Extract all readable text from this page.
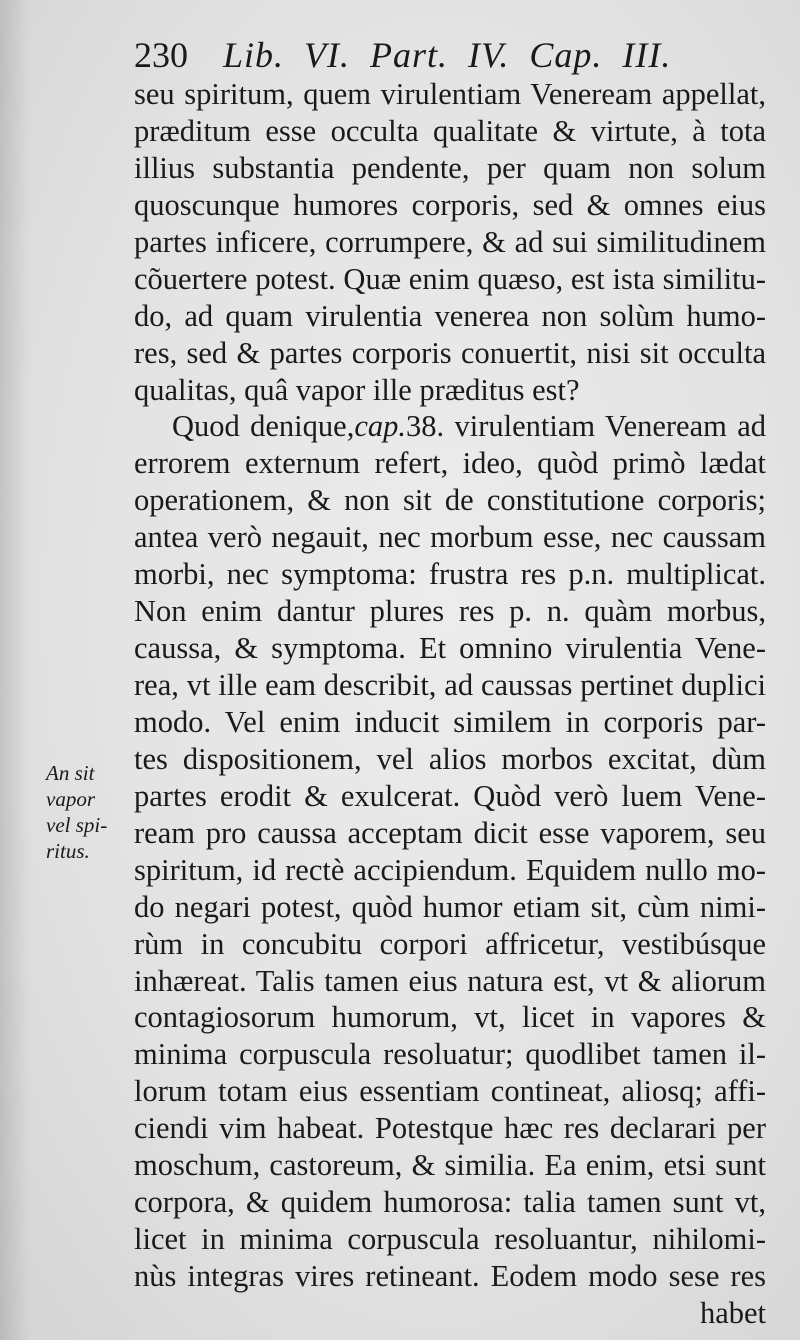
230 Lib. VI. Part. IV. Cap. III.
An sit
vapor
vel spi-
ritus.
seu spiritum, quem virulentiam Veneream appellat,
præditum esse occulta qualitate & virtute, à tota
illius substantia pendente, per quam non solum
quoscunque humores corporis, sed & omnes eius
partes inficere, corrumpere, & ad sui similitudinem
cõuertere potest. Quæ enim quæso, est ista similitu-
do, ad quam virulentia venerea non solùm humo-
res, sed & partes corporis conuertit, nisi sit occulta
qualitas, quâ vapor ille præditus est?
Quod denique,cap.38. virulentiam Veneream ad
errorem externum refert, ideo, quòd primò lædat
operationem, & non sit de constitutione corporis;
antea verò negauit, nec morbum esse, nec caussam
morbi, nec symptoma: frustra res p.n. multiplicat.
Non enim dantur plures res p. n. quàm morbus,
caussa, & symptoma. Et omnino virulentia Vene-
rea, vt ille eam describit, ad caussas pertinet duplici
modo. Vel enim inducit similem in corporis par-
tes dispositionem, vel alios morbos excitat, dùm
partes erodit & exulcerat. Quòd verò luem Vene-
ream pro caussa acceptam dicit esse vaporem, seu
spiritum, id rectè accipiendum. Equidem nullo mo-
do negari potest, quòd humor etiam sit, cùm nimi-
rùm in concubitu corpori affricetur, vestibúsque
inhæreat. Talis tamen eius natura est, vt & aliorum
contagiosorum humorum, vt, licet in vapores &
minima corpuscula resoluatur; quodlibet tamen il-
lorum totam eius essentiam contineat, aliosq; affi-
ciendi vim habeat. Potestque hæc res declarari per
moschum, castoreum, & similia. Ea enim, etsi sunt
corpora, & quidem humorosa: talia tamen sunt vt,
licet in minima corpuscula resoluantur, nihilomi-
nùs integras vires retineant. Eodem modo sese res
habet
